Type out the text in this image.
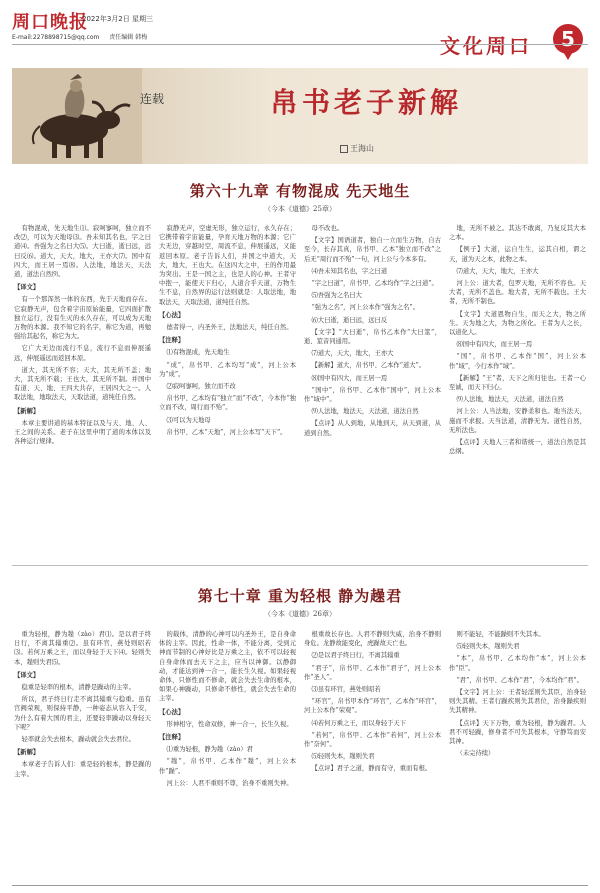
周口晚报
2022年3月2日 星期三
E-mail:2278898715@qq.com 责任编辑 韩梅	文化周口	5
连载	帛书老子新解
王海山
第六十九章 有物混成 先天地生
（今本《道德》25章）

有物混成，先天地生⑴。寂呵寥呵，独立而不改⑵，可以为天地母⑶。吾未知其名也，字之曰道⑷。吾强为之名曰大⑸。大曰逝，逝曰远，远曰反⑹。道大，天大，地大，王亦大⑺。国中有四大，而王居一焉⑻。人法地，地法天，天法道，道法自然⑼。

【译文】

有一个那浑然一体的东西，先于天地而存在。它寂静无声，包含着宇宙原始能量，它四面扩散独立运行，没有生灭的永久存在，可以成为天地万物的本源。我不知它的名字，称它为道，再勉强给其起名，称它为大。

它广大无边而流行不息，流行不息而伸展遥远，伸展遥远而返回本原。

道大，其无所不容；天大，其无所不盖；地大，其无所不载；王也大，其无所不制。并国中有道、天、地、王四大共存，王居四大之一。人取法地，地取法天，天取法道，道纯任自然。

【新解】

本章主要讲道的基本特征以及与天、地、人、王之间的关系。老子在这里申明了道的本体以及各种运行规律。

寂静无声，空虚无形，独立运行，永久存在；它携带着宇宙能量，孕育天地万物的本源；它广大无边，穿越时空，周流不息，伸展遥远，又能返回本原。老子告诉人们，并国之中道大，天大，地大，王也大。在这四大之中，王的作用最为突出。王是一国之主，也是人的心神。王者守中抱一，能使天下归心，人道合乎天道，万物生生不息，自然界的运行法则就是：人取法地，地取法天，天取法道，道纯任自然。

【心法】

德者得一，内圣外王，法地法天，纯任自然。

【注释】

⑴有物混成，先天地生

“成”，帛书甲、乙本均写“成”，河上公本为“成”。

⑵寂呵寥呵，独立而不改

帛书甲、乙本均有“独立”而“不改”，今本作“独立而不改，周行而不殆”。

⑶可以为天地母

帛书甲、乙本“天地”，河上公本写“天下”。

母不改也。

【文字】国语道者，独自一立而生万物，自古至今，长存其真，帛书甲、乙本“独立而不改”之后无“周行而不殆”一句，河上公与今本多有。

⑷吾未知其名也，字之曰道

“字之曰道”，帛书甲、乙本均作“字之曰道”。

⑸吾强为之名曰大

“强为之名”，河上公本作“强为之名”。

⑹大曰逝，逝曰远，远曰反

【文字】“大曰逝”，帛书乙本作“大曰筮”，逝、筮音同通用。

⑺道大，天大，地大，王亦大

【新解】道大，帛书甲、乙本作“道大”。

⑻国中有四大，而王居一焉

“国中”，帛书甲、乙本作“国中”，河上公本作“域中”。

⑼人法地，地法天，天法道，道法自然

【点评】从人到地，从地到天，从天到道，从道到自然。

地，无所不被之。其达不敢离，乃复反其大本之本。

【例子】大道，运自生生，运其自相，谓之天，道为天之本，此物之本。

⑺道大，天大，地大，王亦大

河上公：道大者，包罗天地，无所不容也。天大者，无所不盖也。地大者，无所不载也。王大者，无所不制也。

【文字】大道恩物自生，而天之大，物之所生。天为地之大，为物之所化。王者为人之长，以道化人。

⑻国中有四大，而王居一焉

“国”，帛书甲、乙本作“国”，河上公本作“域”，今行本作“域”。

【新解】“王”者，天下之所归往也。王者一心至诚，而天下归心。

⑼人法地，地法天，天法道，道法自然

河上公：人当法地，安静柔和也。地当法天，施而不求报。天当法道，清静无为。道性自然，无所法也。

【点评】天地人三者和谐统一，道法自然是其总纲。

第七十章 重为轻根 静为趮君
（今本《道德》26章）

重为轻根，静为趮（zào）君⑴。是以君子终日行，不离其辎重⑵。虽有环官，燕处则昭若⑶。若何万乘之王，而以身轻于天下⑷。轻则失本，趮则失君⑸。

【译文】

稳重是轻率的根本，清静是躁动的主宰。

所以，君子终日行走不离其辎重与稳重。虽有宫阙荣观，则保持平静，一种姿态从容入于安，为什么有着大国的君主，还要轻率躁动以身轻天下呢？

轻率就会失去根本，躁动就会失去君位。

【新解】

本章老子告诉人们：重是轻的根本，静是躁的主宰。

的载体，清静的心神可以内圣外王，是自身命体的主宰。因此，性命一体，不能分离，受到元神而节制的心神好比是万乘之主，依不可以轻视自身命体而去天下之主，应当以神御。以静御动，才能达到神一合一，能长生久视。如果轻视命体，只修性而不修命，就会失去生命的根本，如果心神躁动，只修命不修性，就会失去生命的主宰。

【心法】

形神相守，性命双修，神一合一，长生久视。

【注释】

⑴重为轻根，静为趮（zào）君

“趮”，帛书甲、乙本作“趮”，河上公本作“躁”。

河上公：人君不重则不尊，治身不重则失神。

根重故长存也。人君不静则失威，治身不静则身危。龙静故能变化，虎躁故天亡也。

⑵是以君子终日行，不离其辎重

“君子”，帛书甲、乙本作“君子”，河上公本作“圣人”。

⑶虽有环官，燕处则昭若

“环官”，帛书甲本作“环官”，乙本作“环官”，河上公本作“荣观”。

⑷若何万乘之王，而以身轻于天下

“若何”，帛书甲、乙本作“若何”，河上公本作“奈何”。

⑸轻则失本，趮则失君

【点评】君子之道，静而有守，重而有根。

则不能轻，不能躁则不失其本。

⑸轻则失本，趮则失君

“本”，帛书甲、乙本均作“本”，河上公本作“臣”。

“君”，帛书甲、乙本作“君”，今本均作“君”。

【文字】河上公：王者轻淫则失其臣，治身轻则失其精。王者行躁疾则失其君位，治身躁疾则失其精神。

【点评】天下万物，重为轻根，静为躁君。人君不可轻躁，修身者不可失其根本，守静笃而安其神。

（未完待续）
